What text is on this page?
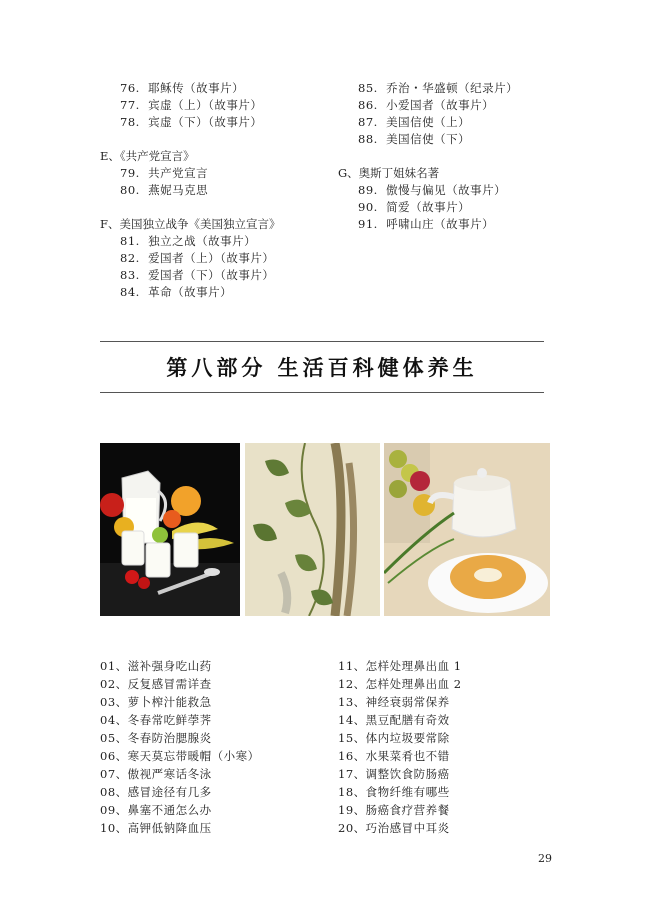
76. 耶稣传（故事片）
77. 宾虚（上）（故事片）
78. 宾虚（下）（故事片）
E、《共产党宣言》
79. 共产党宣言
80. 燕妮马克思
F、美国独立战争《美国独立宣言》
81. 独立之战（故事片）
82. 爱国者（上）（故事片）
83. 爱国者（下）（故事片）
84. 革命（故事片）
85. 乔治・华盛顿（纪录片）
86. 小爱国者（故事片）
87. 美国信使（上）
88. 美国信使（下）
G、奥斯丁姐妹名著
89. 傲慢与偏见（故事片）
90. 简爱（故事片）
91. 呼啸山庄（故事片）
第八部分 生活百科健体养生
01、滋补强身吃山药
02、反复感冒需详查
03、萝卜榨汁能救急
04、冬春常吃鲜荸荠
05、冬春防治腮腺炎
06、寒天莫忘带暖帽（小寒）
07、傲视严寒话冬泳
08、感冒途径有几多
09、鼻塞不通怎么办
10、高钾低钠降血压
11、怎样处理鼻出血 1
12、怎样处理鼻出血 2
13、神经衰弱常保养
14、黑豆配膳有奇效
15、体内垃圾要常除
16、水果菜肴也不错
17、调整饮食防肠癌
18、食物纤维有哪些
19、肠癌食疗营养餐
20、巧治感冒中耳炎
29
